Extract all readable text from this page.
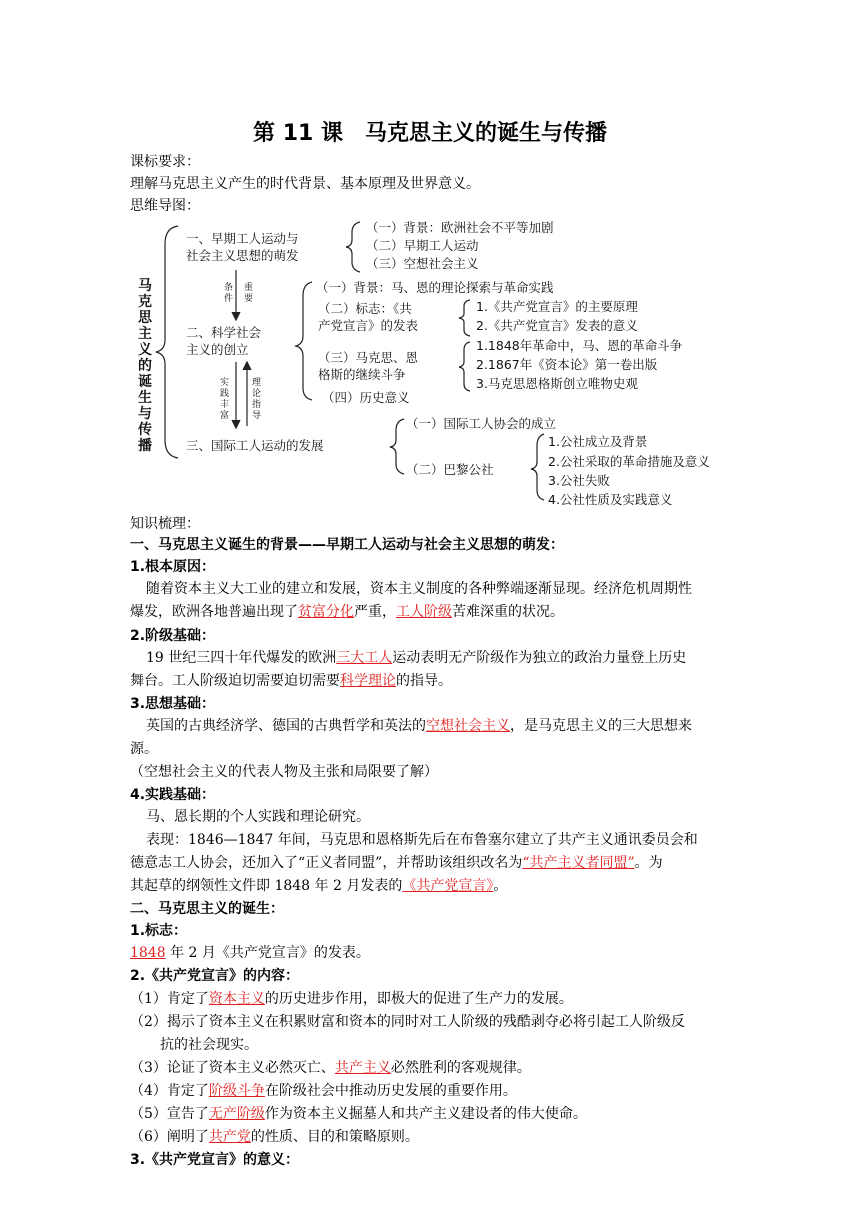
第 11 课　马克思主义的诞生与传播
课标要求：
理解马克思主义产生的时代背景、基本原理及世界意义。
思维导图：
马
克
思
主
义
的
诞
生
与
传
播
一、早期工人运动与
社会主义思想的萌发
（一）背景：欧洲社会不平等加剧
（二）早期工人运动
（三）空想社会主义
条
件
重
要
二、科学社会
主义的创立
（一）背景：马、恩的理论探索与革命实践
（二）标志：《共
产党宣言》的发表
1.《共产党宣言》的主要原理
2.《共产党宣言》发表的意义
（三）马克思、恩
格斯的继续斗争
1.1848年革命中，马、恩的革命斗争
2.1867年《资本论》第一卷出版
3.马克思恩格斯创立唯物史观
（四）历史意义
实
践
丰
富
理
论
指
导
三、国际工人运动的发展
（一）国际工人协会的成立
（二）巴黎公社
1.公社成立及背景
2.公社采取的革命措施及意义
3.公社失败
4.公社性质及实践意义
知识梳理：
一、马克思主义诞生的背景——早期工人运动与社会主义思想的萌发：
1.根本原因：
随着资本主义大工业的建立和发展，资本主义制度的各种弊端逐渐显现。经济危机周期性
爆发，欧洲各地普遍出现了贫富分化严重，工人阶级苦难深重的状况。
2.阶级基础：
19 世纪三四十年代爆发的欧洲三大工人运动表明无产阶级作为独立的政治力量登上历史
舞台。工人阶级迫切需要迫切需要科学理论的指导。
3.思想基础：
英国的古典经济学、德国的古典哲学和英法的空想社会主义，是马克思主义的三大思想来
源。
（空想社会主义的代表人物及主张和局限要了解）
4.实践基础：
马、恩长期的个人实践和理论研究。
表现：1846—1847 年间，马克思和恩格斯先后在布鲁塞尔建立了共产主义通讯委员会和
德意志工人协会，还加入了“正义者同盟”，并帮助该组织改名为“共产主义者同盟”。为
其起草的纲领性文件即 1848 年 2 月发表的《共产党宣言》。
二、马克思主义的诞生：
1.标志：
1848 年 2 月《共产党宣言》的发表。
2.《共产党宣言》的内容：
（1）肯定了资本主义的历史进步作用，即极大的促进了生产力的发展。
（2）揭示了资本主义在积累财富和资本的同时对工人阶级的残酷剥夺必将引起工人阶级反
抗的社会现实。
（3）论证了资本主义必然灭亡、共产主义必然胜利的客观规律。
（4）肯定了阶级斗争在阶级社会中推动历史发展的重要作用。
（5）宣告了无产阶级作为资本主义掘墓人和共产主义建设者的伟大使命。
（6）阐明了共产党的性质、目的和策略原则。
3.《共产党宣言》的意义：
